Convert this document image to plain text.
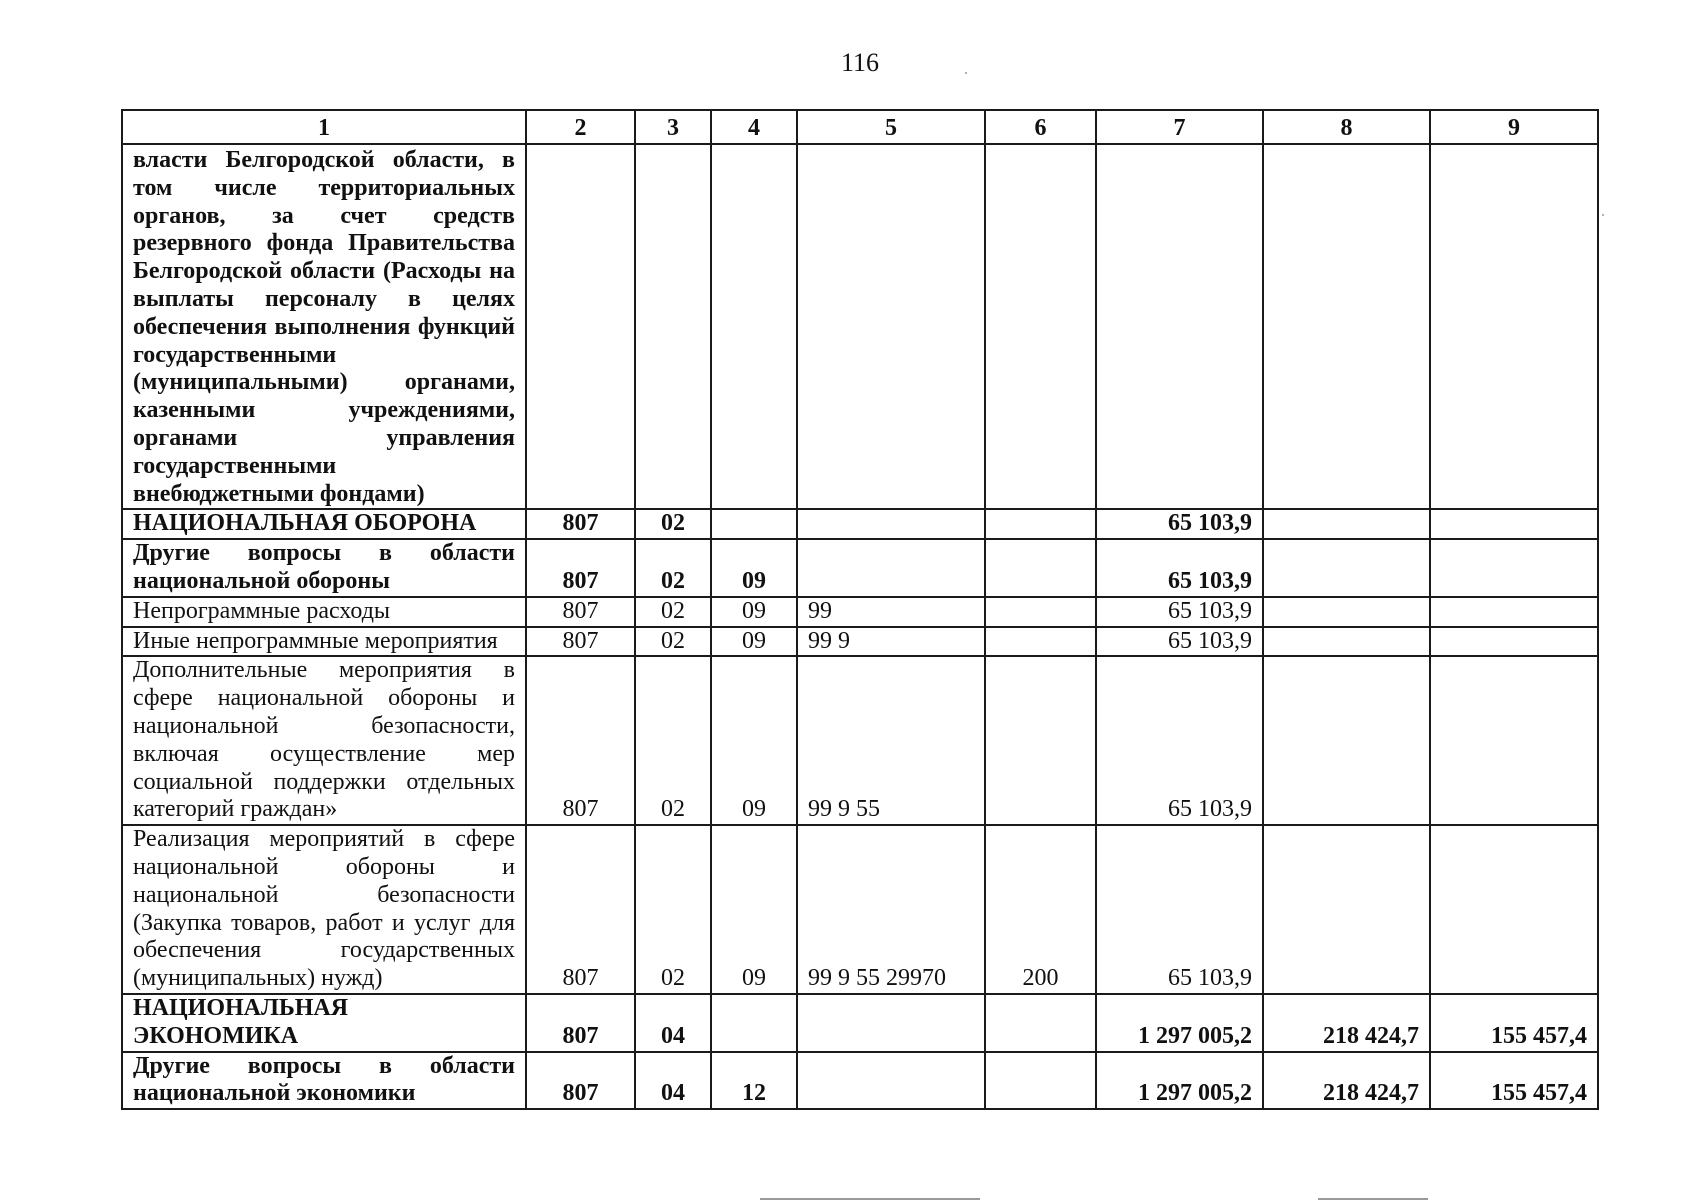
116
1	2	3	4	5	6	7	8	9
власти Белгородской области, в том числе территориальных органов, за счет средств резервного фонда Правительства Белгородской области (Расходы на выплаты персоналу в целях обеспечения выполнения функций государственными (муниципальными) органами, казенными учреждениями, органами управления государственными внебюджетными фондами)								
НАЦИОНАЛЬНАЯ ОБОРОНА	807	02				65 103,9		
Другие вопросы в области национальной обороны	807	02	09			65 103,9		
Непрограммные расходы	807	02	09	99		65 103,9		
Иные непрограммные мероприятия	807	02	09	99 9		65 103,9		
Дополнительные мероприятия в сфере национальной обороны и национальной безопасности, включая осуществление мер социальной поддержки отдельных категорий граждан»	807	02	09	99 9 55		65 103,9		
Реализация мероприятий в сфере национальной обороны и национальной безопасности (Закупка товаров, работ и услуг для обеспечения государственных (муниципальных) нужд)	807	02	09	99 9 55 29970	200	65 103,9		
НАЦИОНАЛЬНАЯ ЭКОНОМИКА	807	04				1 297 005,2	218 424,7	155 457,4
Другие вопросы в области национальной экономики	807	04	12			1 297 005,2	218 424,7	155 457,4
